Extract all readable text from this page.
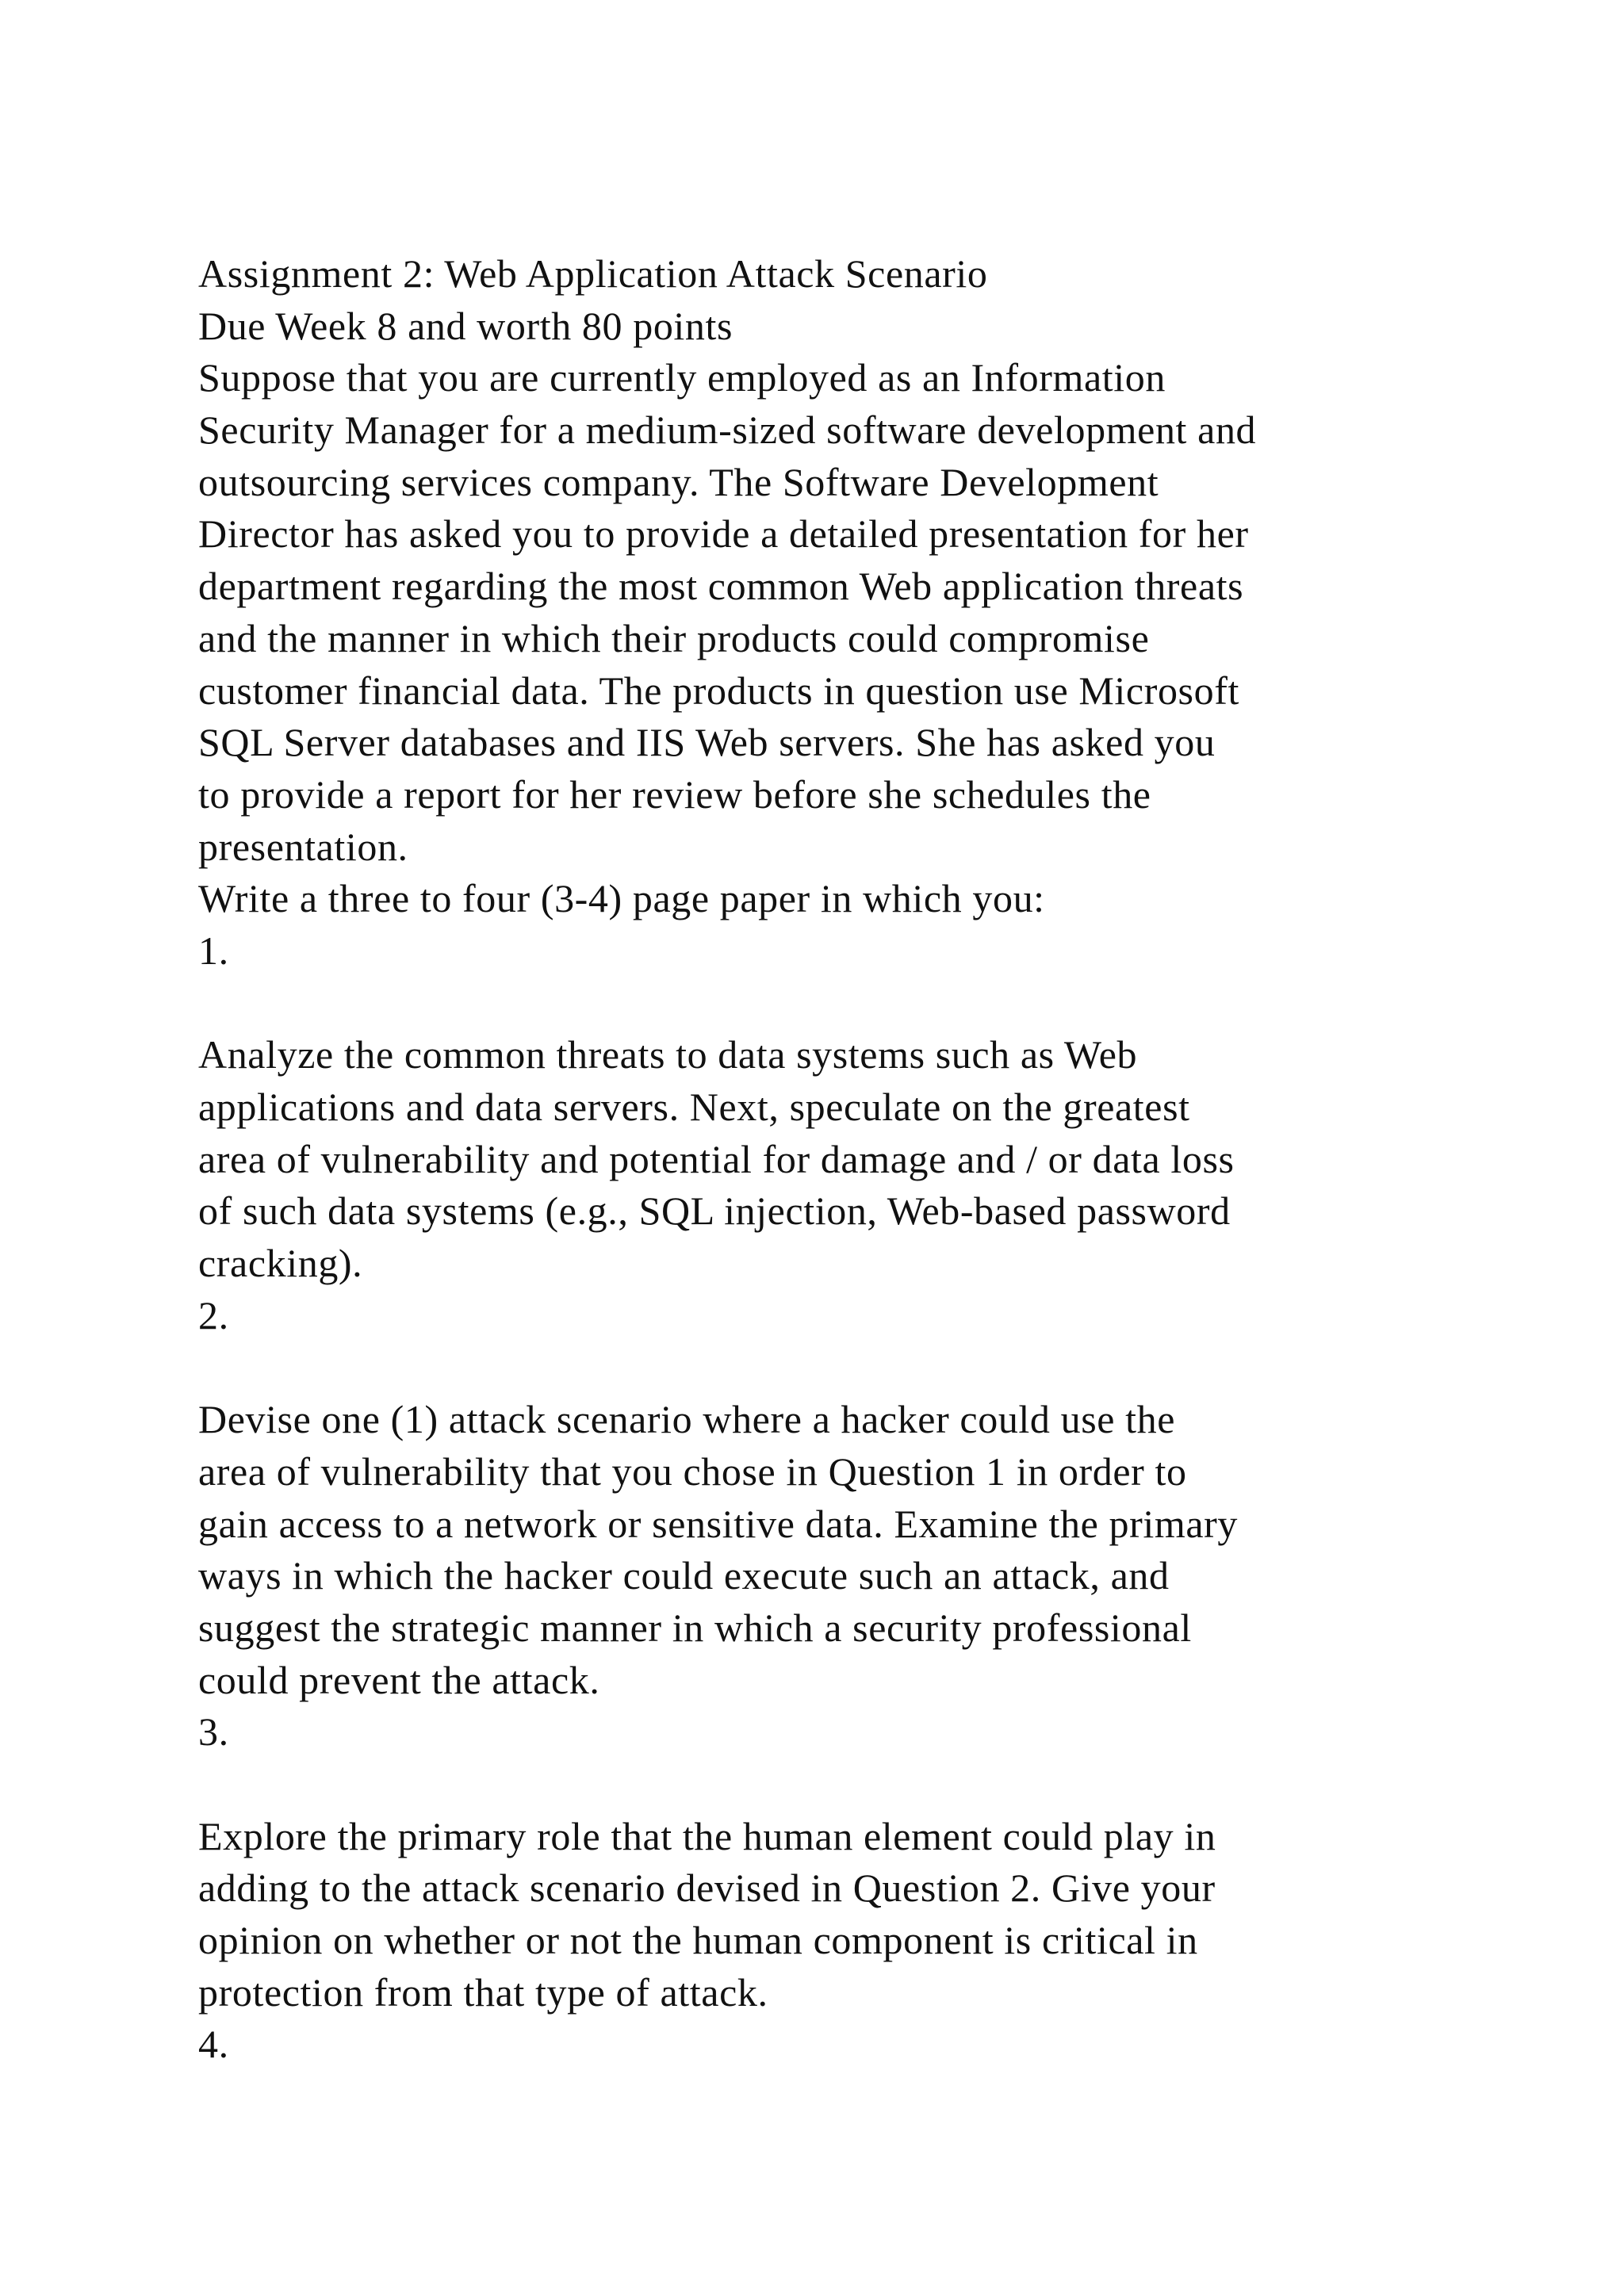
Assignment 2: Web Application Attack Scenario
Due Week 8 and worth 80 points
Suppose that you are currently employed as an Information
Security Manager for a medium-sized software development and
outsourcing services company. The Software Development
Director has asked you to provide a detailed presentation for her
department regarding the most common Web application threats
and the manner in which their products could compromise
customer financial data. The products in question use Microsoft
SQL Server databases and IIS Web servers. She has asked you
to provide a report for her review before she schedules the
presentation.
Write a three to four (3-4) page paper in which you:
1.
Analyze the common threats to data systems such as Web
applications and data servers. Next, speculate on the greatest
area of vulnerability and potential for damage and / or data loss
of such data systems (e.g., SQL injection, Web-based password
cracking).
2.
Devise one (1) attack scenario where a hacker could use the
area of vulnerability that you chose in Question 1 in order to
gain access to a network or sensitive data. Examine the primary
ways in which the hacker could execute such an attack, and
suggest the strategic manner in which a security professional
could prevent the attack.
3.
Explore the primary role that the human element could play in
adding to the attack scenario devised in Question 2. Give your
opinion on whether or not the human component is critical in
protection from that type of attack.
4.
